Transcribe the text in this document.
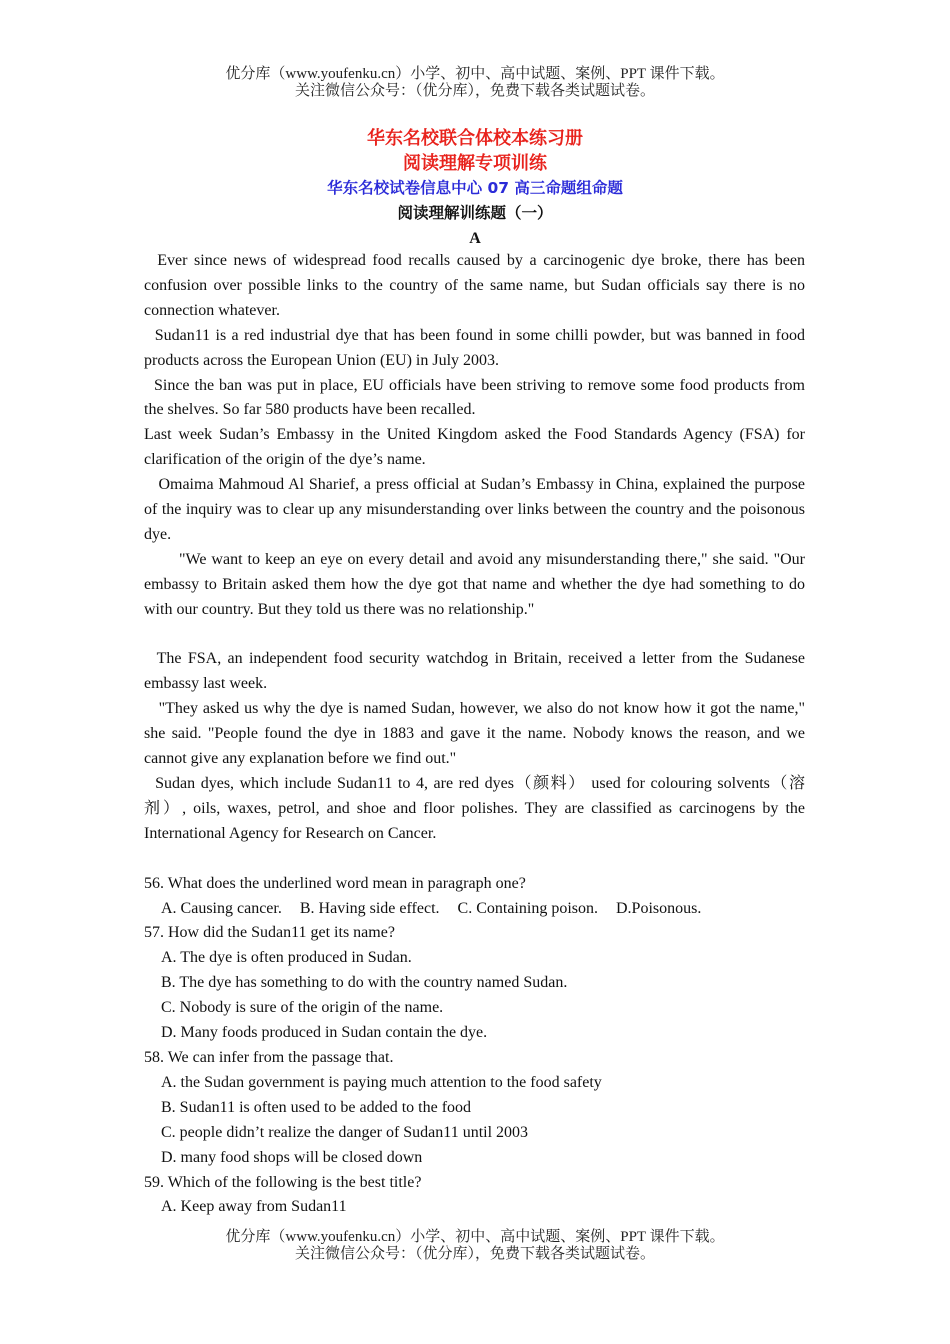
优分库（www.youfenku.cn）小学、初中、高中试题、案例、PPT 课件下载。
关注微信公众号：（优分库），免费下载各类试题试卷。
华东名校联合体校本练习册
阅读理解专项训练
华东名校试卷信息中心 07 高三命题组命题
阅读理解训练题（一）
A

Ever since news of widespread food recalls caused by a carcinogenic dye broke, there has been confusion over possible links to the country of the same name, but Sudan officials say there is no connection whatever.

Sudan11 is a red industrial dye that has been found in some chilli powder, but was banned in food products across the European Union (EU) in July 2003.

Since the ban was put in place, EU officials have been striving to remove some food products from the shelves. So far 580 products have been recalled.

Last week Sudan’s Embassy in the United Kingdom asked the Food Standards Agency (FSA) for clarification of the origin of the dye’s name.

Omaima Mahmoud Al Sharief, a press official at Sudan’s Embassy in China, explained the purpose of the inquiry was to clear up any misunderstanding over links between the country and the poisonous dye.

"We want to keep an eye on every detail and avoid any misunderstanding there," she said. "Our embassy to Britain asked them how the dye got that name and whether the dye had something to do with our country. But they told us there was no relationship."

The FSA, an independent food security watchdog in Britain, received a letter from the Sudanese embassy last week.

"They asked us why the dye is named Sudan, however, we also do not know how it got the name," she said. "People found the dye in 1883 and gave it the name. Nobody knows the reason, and we cannot give any explanation before we find out."

Sudan dyes, which include Sudan11 to 4, are red dyes（颜料） used for colouring solvents（溶剂）, oils, waxes, petrol, and shoe and floor polishes. They are classified as carcinogens by the International Agency for Research on Cancer.

56. What does the underlined word mean in paragraph one?

A. Causing cancer. B. Having side effect. C. Containing poison. D.Poisonous.

57. How did the Sudan11 get its name?

A. The dye is often produced in Sudan.

B. The dye has something to do with the country named Sudan.

C. Nobody is sure of the origin of the name.

D. Many foods produced in Sudan contain the dye.

58. We can infer from the passage that.

A. the Sudan government is paying much attention to the food safety

B. Sudan11 is often used to be added to the food

C. people didn’t realize the danger of Sudan11 until 2003

D. many food shops will be closed down

59. Which of the following is the best title?

A. Keep away from Sudan11

优分库（www.youfenku.cn）小学、初中、高中试题、案例、PPT 课件下载。
关注微信公众号：（优分库），免费下载各类试题试卷。
